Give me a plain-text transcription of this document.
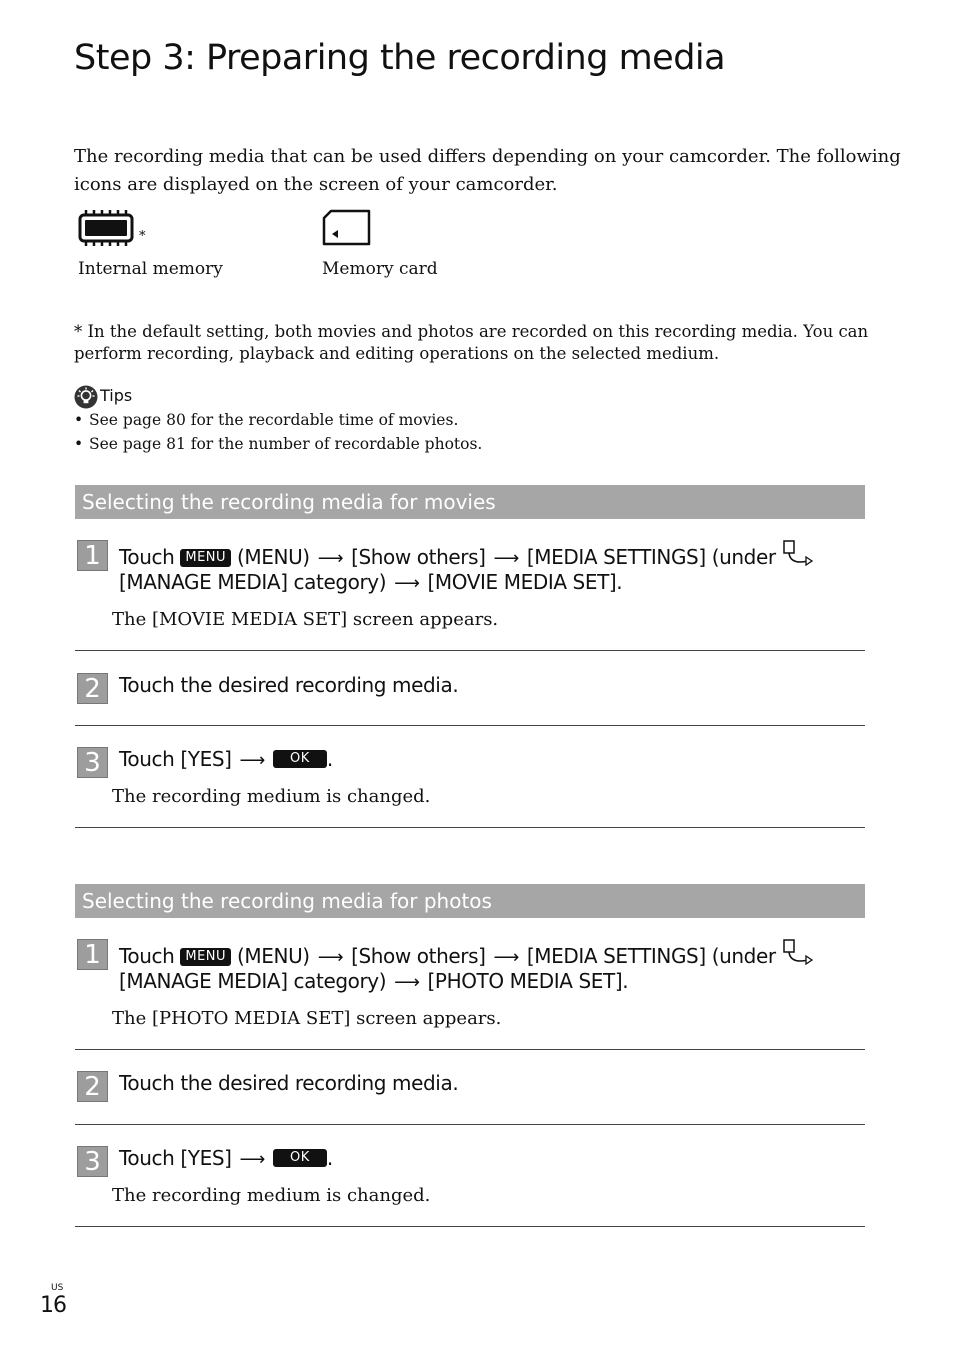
Step 3: Preparing the recording media
The recording media that can be used differs depending on your camcorder. The following
icons are displayed on the screen of your camcorder.
*
Internal memory	Memory card
* In the default setting, both movies and photos are recorded on this recording media. You can
perform recording, playback and editing operations on the selected medium.
Tips
• See page 80 for the recordable time of movies.
• See page 81 for the number of recordable photos.
Selecting the recording media for movies
1 Touch MENU (MENU) ⟶ [Show others] ⟶ [MEDIA SETTINGS] (under
[MANAGE MEDIA] category) ⟶ [MOVIE MEDIA SET].
The [MOVIE MEDIA SET] screen appears.
2 Touch the desired recording media.
3 Touch [YES] ⟶ OK .
The recording medium is changed.
Selecting the recording media for photos
1 Touch MENU (MENU) ⟶ [Show others] ⟶ [MEDIA SETTINGS] (under
[MANAGE MEDIA] category) ⟶ [PHOTO MEDIA SET].
The [PHOTO MEDIA SET] screen appears.
2 Touch the desired recording media.
3 Touch [YES] ⟶ OK .
The recording medium is changed.
US
16
